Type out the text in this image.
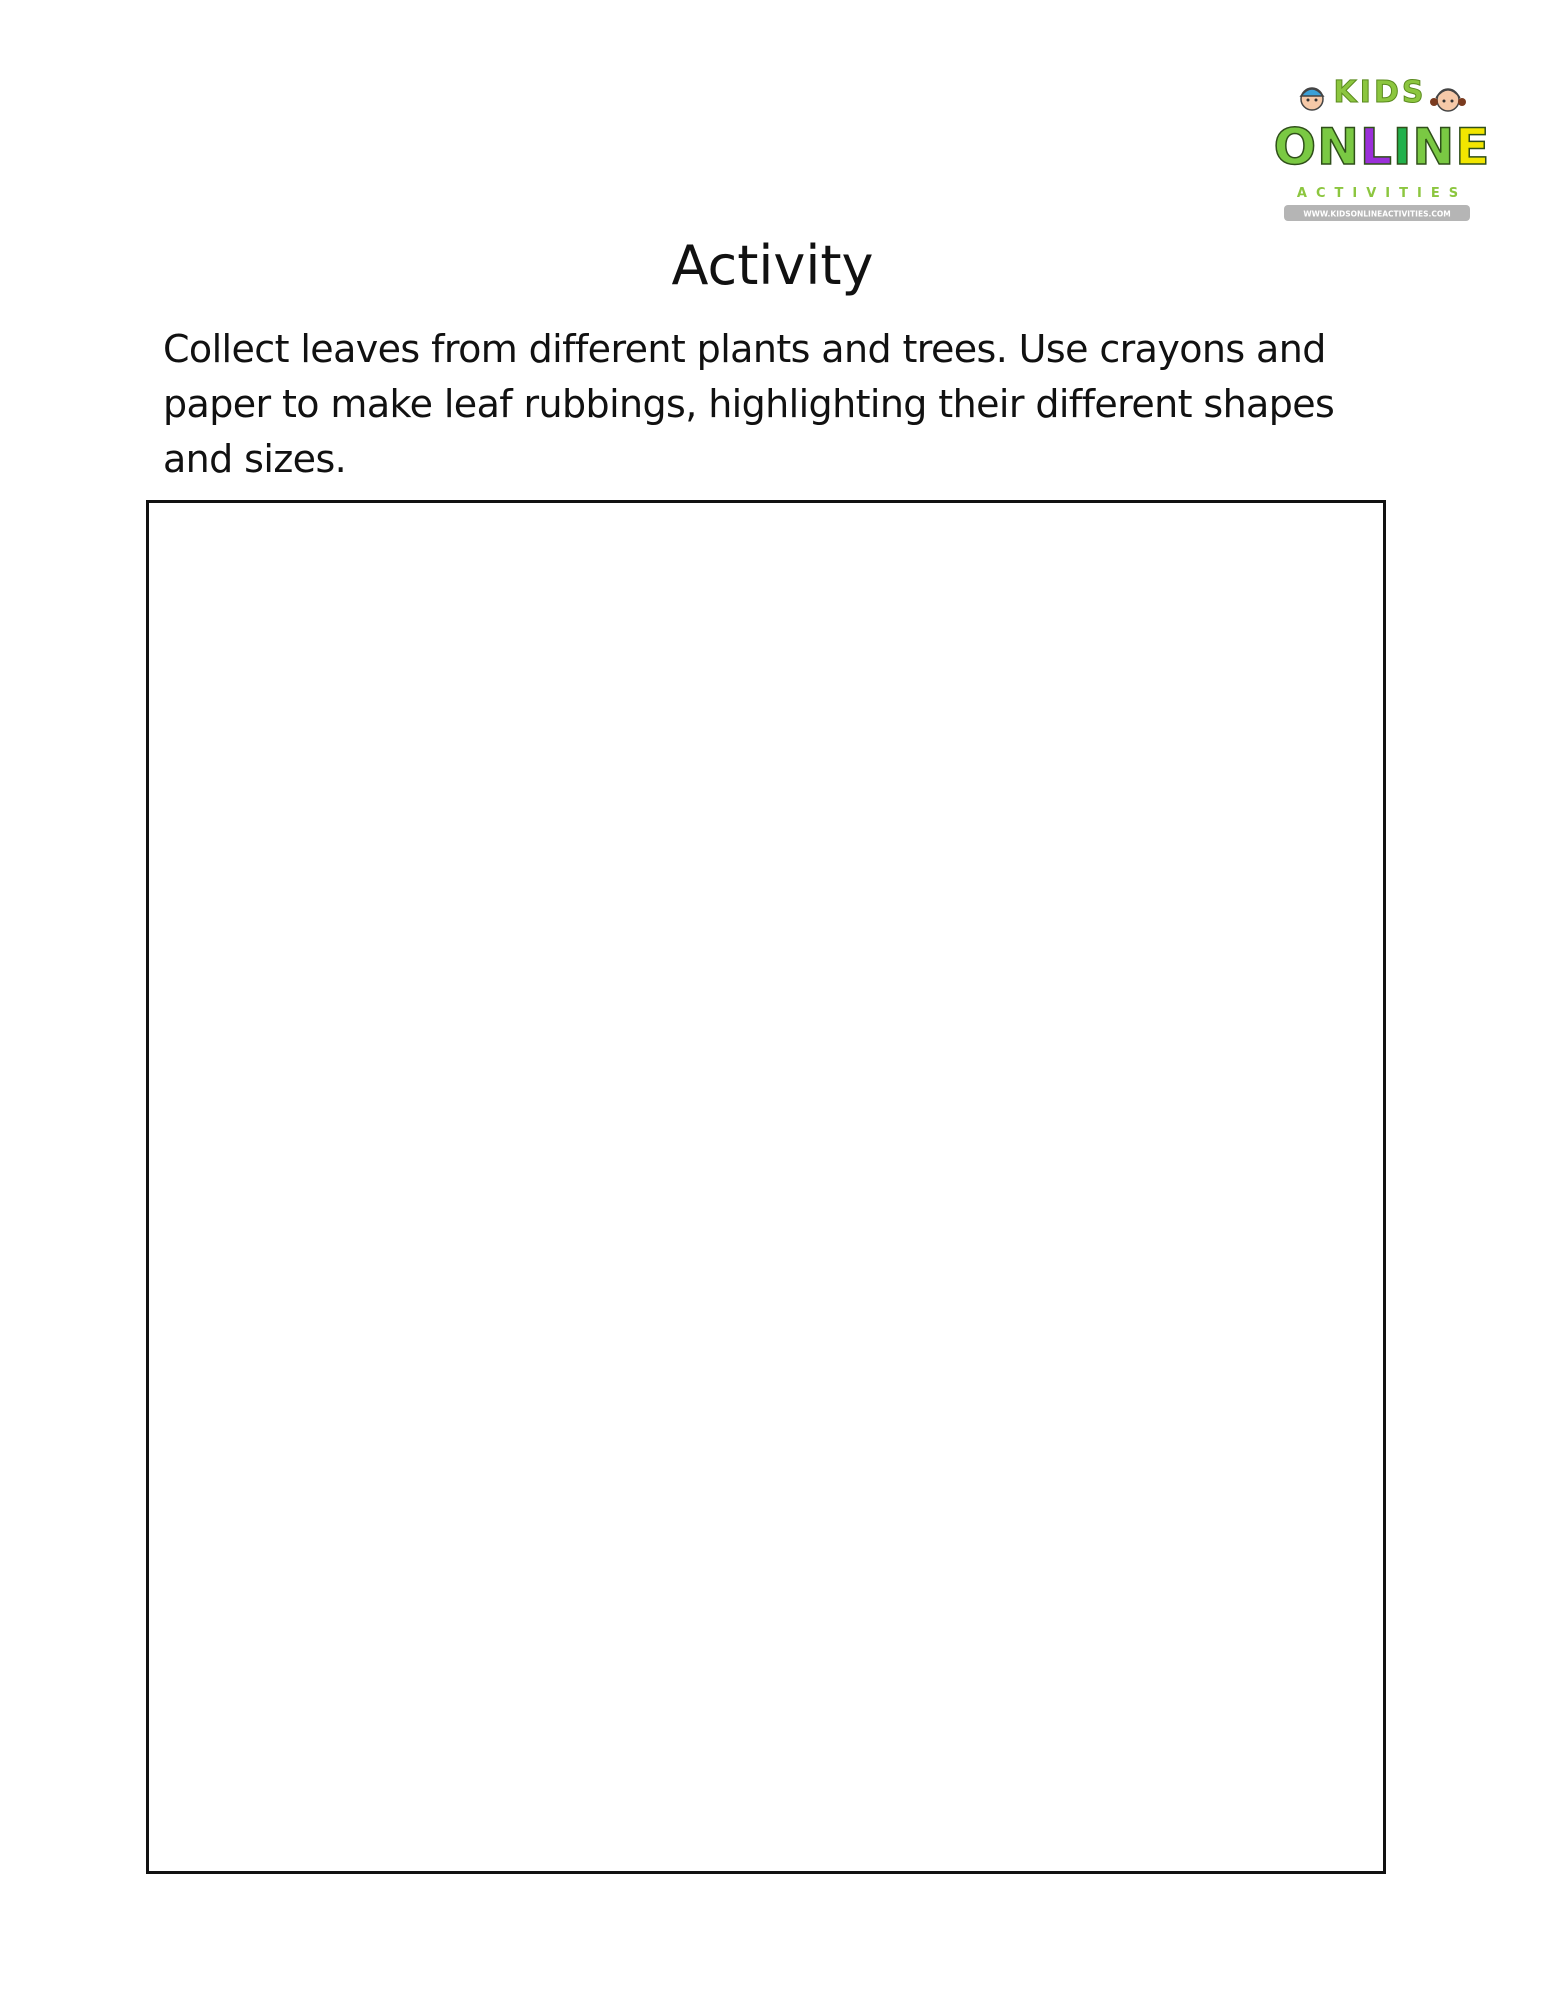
KIDS
ONLINE
ACTIVITIES
WWW.KIDSONLINEACTIVITIES.COM
Activity

Collect leaves from different plants and trees. Use crayons and paper to make leaf rubbings, highlighting their different shapes and sizes.
